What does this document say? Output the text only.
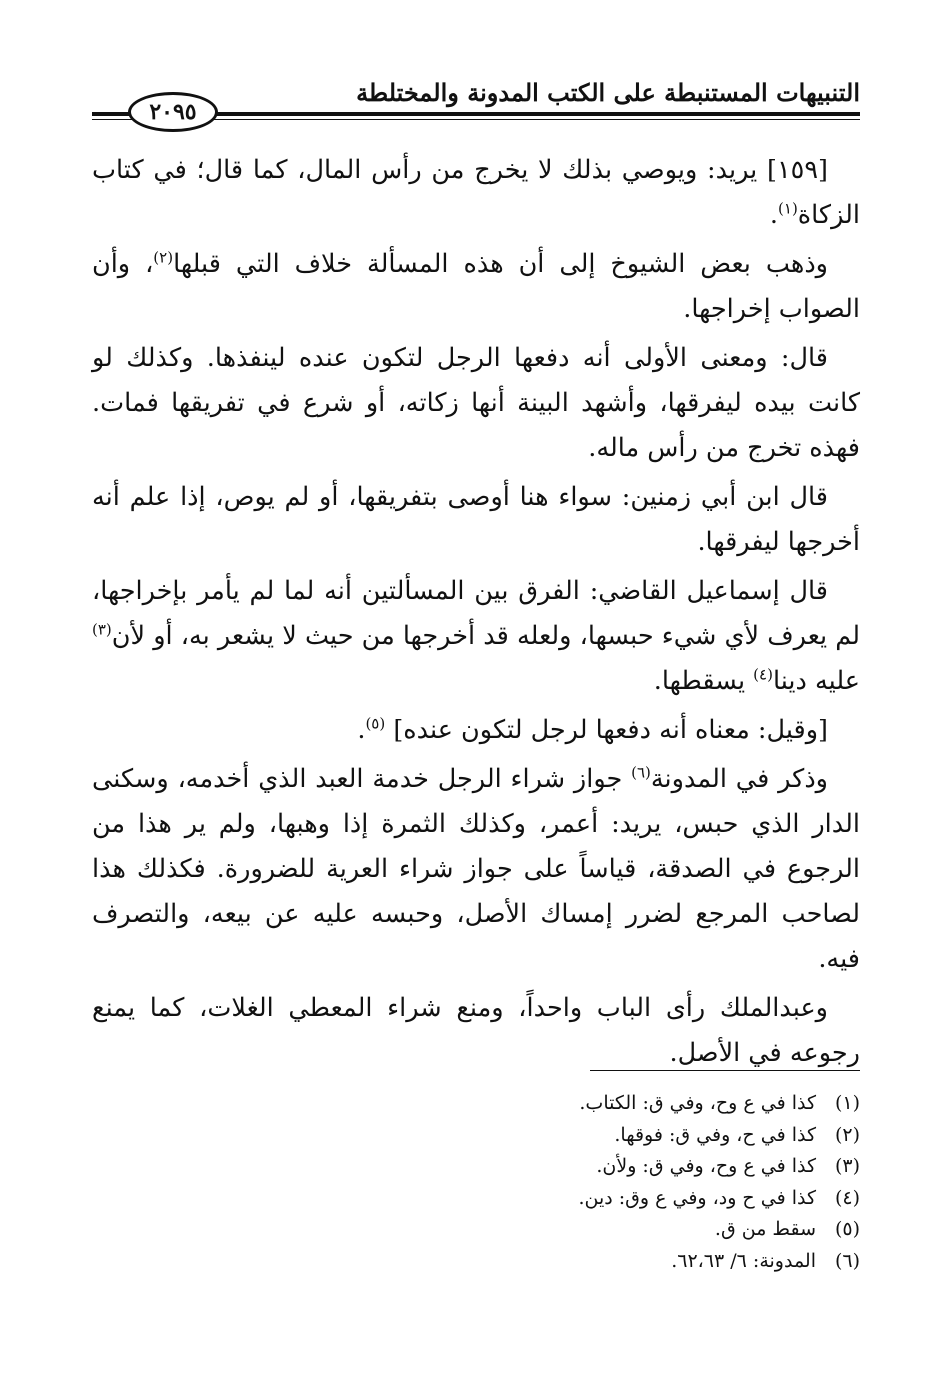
التنبيهات المستنبطة على الكتب المدونة والمختلطة
٢٠٩٥

[١٥٩] يريد: ويوصي بذلك لا يخرج من رأس المال، كما قال؛ في كتاب الزكاة$^{(١)}$.

وذهب بعض الشيوخ إلى أن هذه المسألة خلاف التي قبلها$^{(٢)}$، وأن الصواب إخراجها.

قال: ومعنى الأولى أنه دفعها الرجل لتكون عنده لينفذها. وكذلك لو كانت بيده ليفرقها، وأشهد البينة أنها زكاته، أو شرع في تفريقها فمات. فهذه تخرج من رأس ماله.

قال ابن أبي زمنين: سواء هنا أوصى بتفريقها، أو لم يوص، إذا علم أنه أخرجها ليفرقها.

قال إسماعيل القاضي: الفرق بين المسألتين أنه لما لم يأمر بإخراجها، لم يعرف لأي شيء حبسها، ولعله قد أخرجها من حيث لا يشعر به، أو لأن$^{(٣)}$ عليه دينا$^{(٤)}$ يسقطها.

[وقيل: معناه أنه دفعها لرجل لتكون عنده] $^{(٥)}$.

وذكر في المدونة$^{(٦)}$ جواز شراء الرجل خدمة العبد الذي أخدمه، وسكنى الدار الذي حبس، يريد: أعمر، وكذلك الثمرة إذا وهبها، ولم ير هذا من الرجوع في الصدقة، قياساً على جواز شراء العرية للضرورة. فكذلك هذا لصاحب المرجع لضرر إمساك الأصل، وحبسه عليه عن بيعه، والتصرف فيه.

وعبدالملك رأى الباب واحداً، ومنع شراء المعطي الغلات، كما يمنع رجوعه في الأصل.

(١)كذا في ع وح، وفي ق: الكتاب.
(٢)كذا في ح، وفي ق: فوقها.
(٣)كذا في ع وح، وفي ق: ولأن.
(٤)كذا في ح ود، وفي ع وق: دين.
(٥)سقط من ق.
(٦)المدونة: ٦/ ٦٢،٦٣.
